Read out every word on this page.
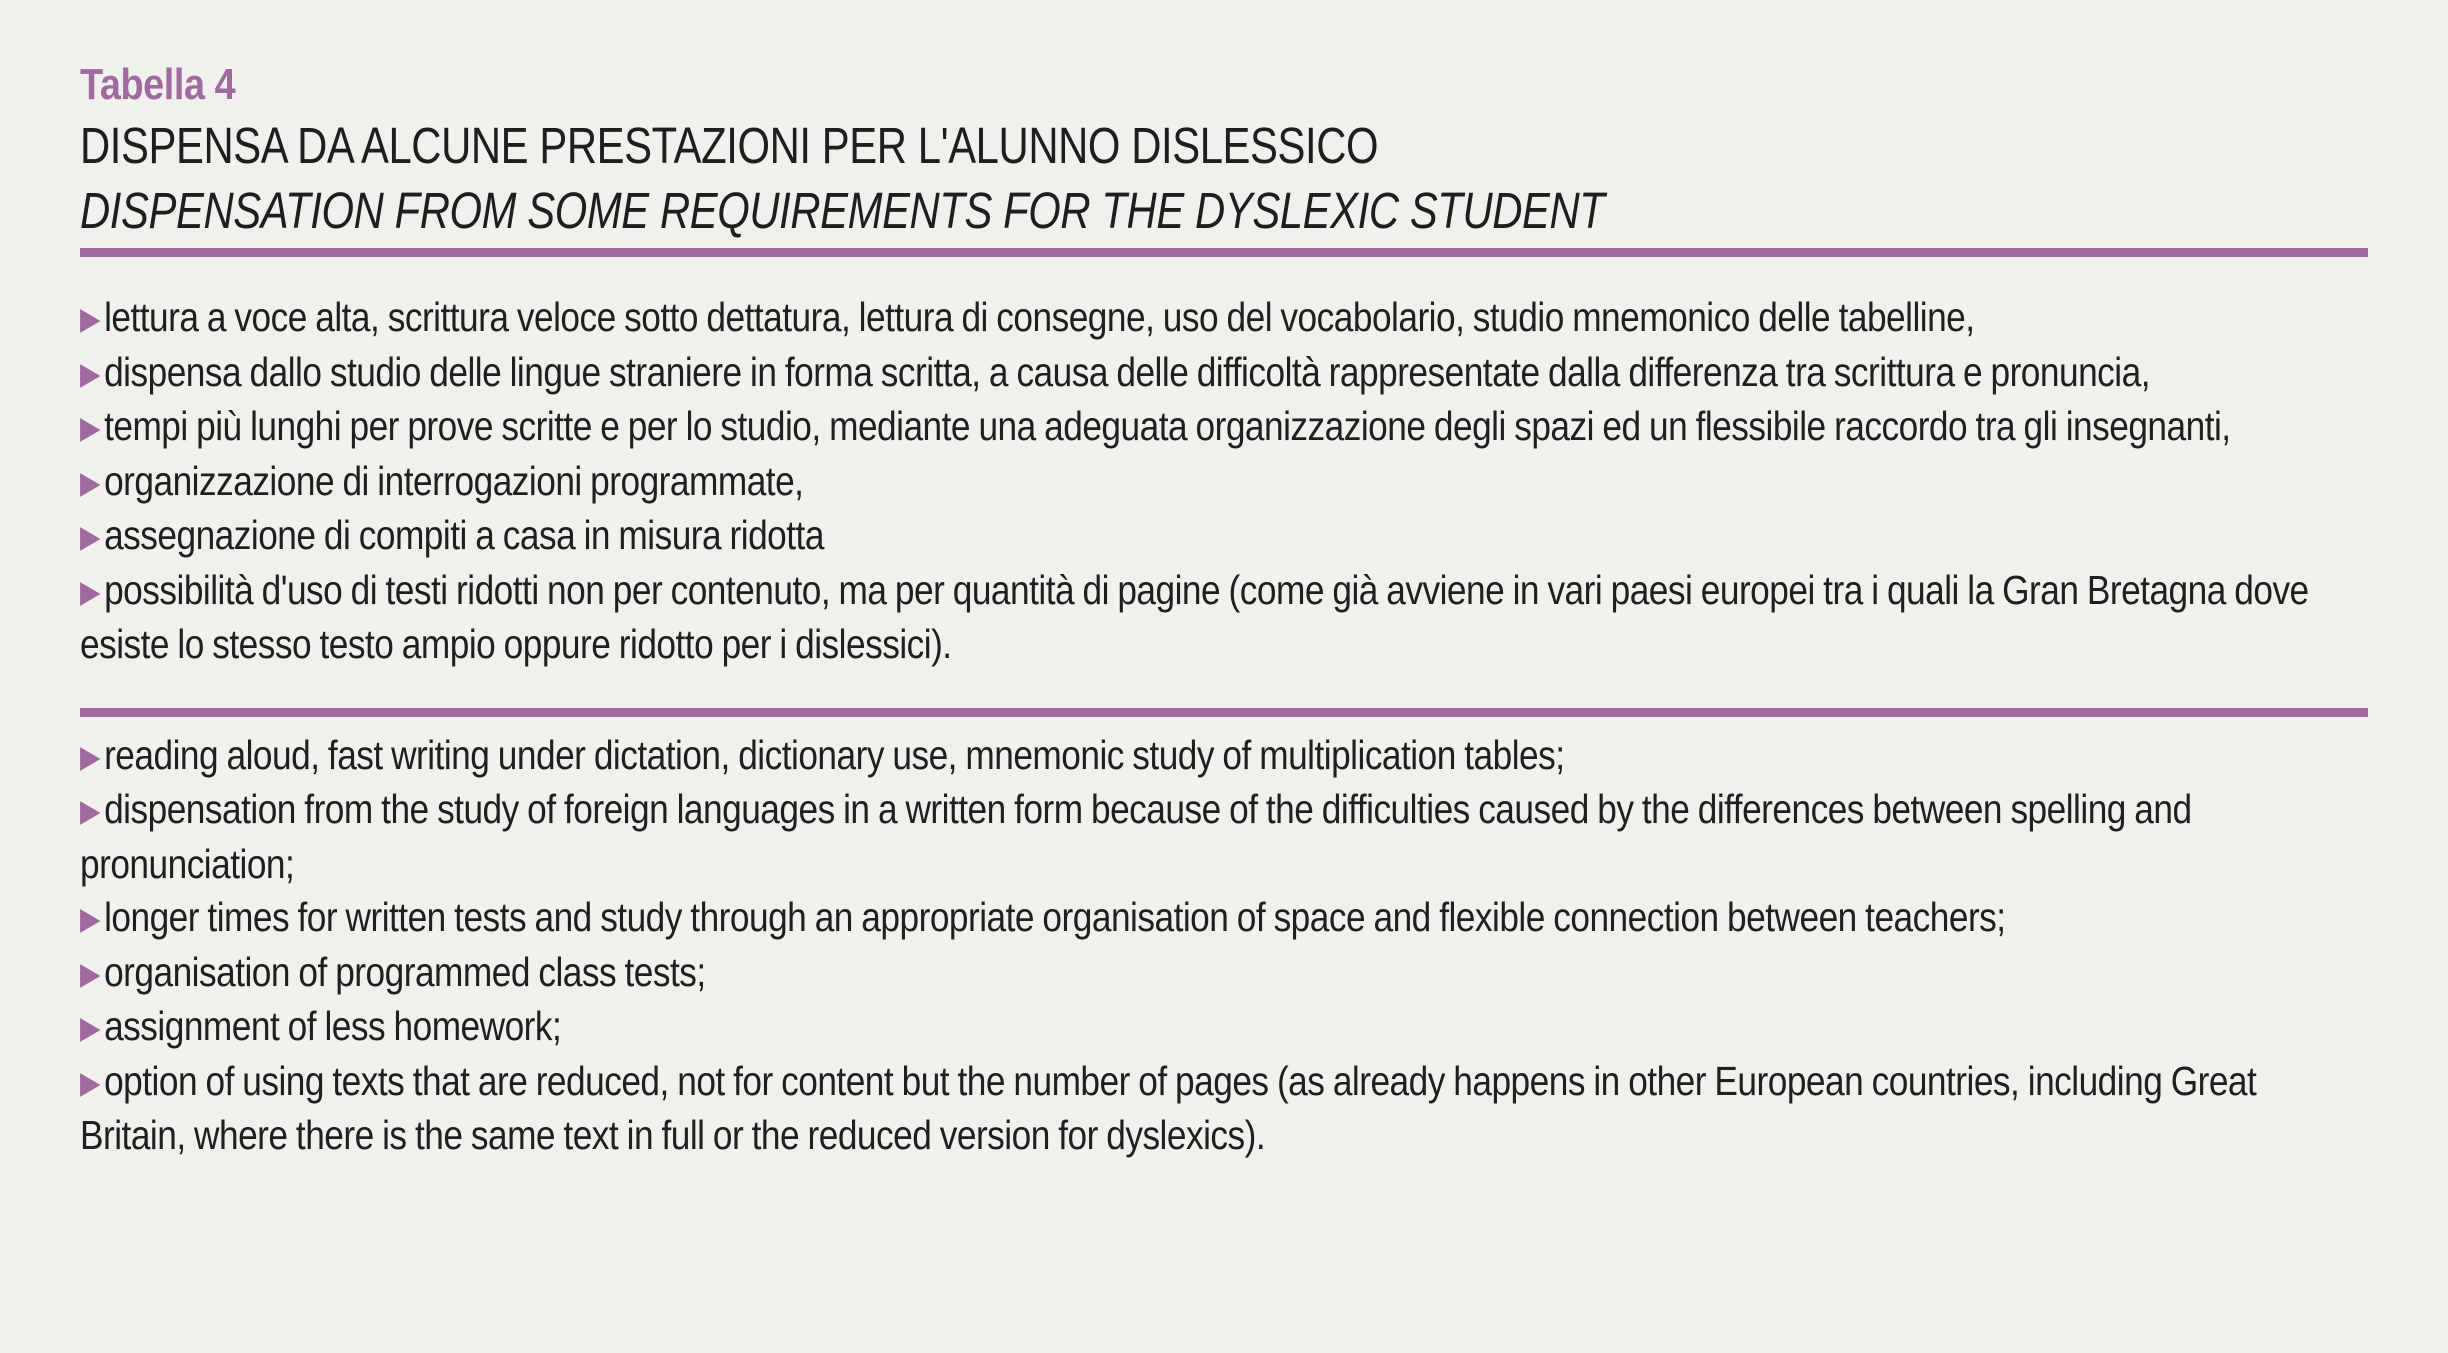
Tabella 4
DISPENSA DA ALCUNE PRESTAZIONI PER L'ALUNNO DISLESSICO
DISPENSATION FROM SOME REQUIREMENTS FOR THE DYSLEXIC STUDENT
▶lettura a voce alta, scrittura veloce sotto dettatura, lettura di consegne, uso del vocabolario, studio mnemonico delle tabelline,
▶dispensa dallo studio delle lingue straniere in forma scritta, a causa delle difficoltà rappresentate dalla differenza tra scrittura e pronuncia,
▶tempi più lunghi per prove scritte e per lo studio, mediante una adeguata organizzazione degli spazi ed un flessibile raccordo tra gli insegnanti,
▶organizzazione di interrogazioni programmate,
▶assegnazione di compiti a casa in misura ridotta
▶possibilità d'uso di testi ridotti non per contenuto, ma per quantità di pagine (come già avviene in vari paesi europei tra i quali la Gran Bretagna dove esiste lo stesso testo ampio oppure ridotto per i dislessici).
▶reading aloud, fast writing under dictation, dictionary use, mnemonic study of multiplication tables;
▶dispensation from the study of foreign languages in a written form because of the difficulties caused by the differences between spelling and pronunciation;
▶longer times for written tests and study through an appropriate organisation of space and flexible connection between teachers;
▶organisation of programmed class tests;
▶assignment of less homework;
▶option of using texts that are reduced, not for content but the number of pages (as already happens in other European countries, including Great Britain, where there is the same text in full or the reduced version for dyslexics).
